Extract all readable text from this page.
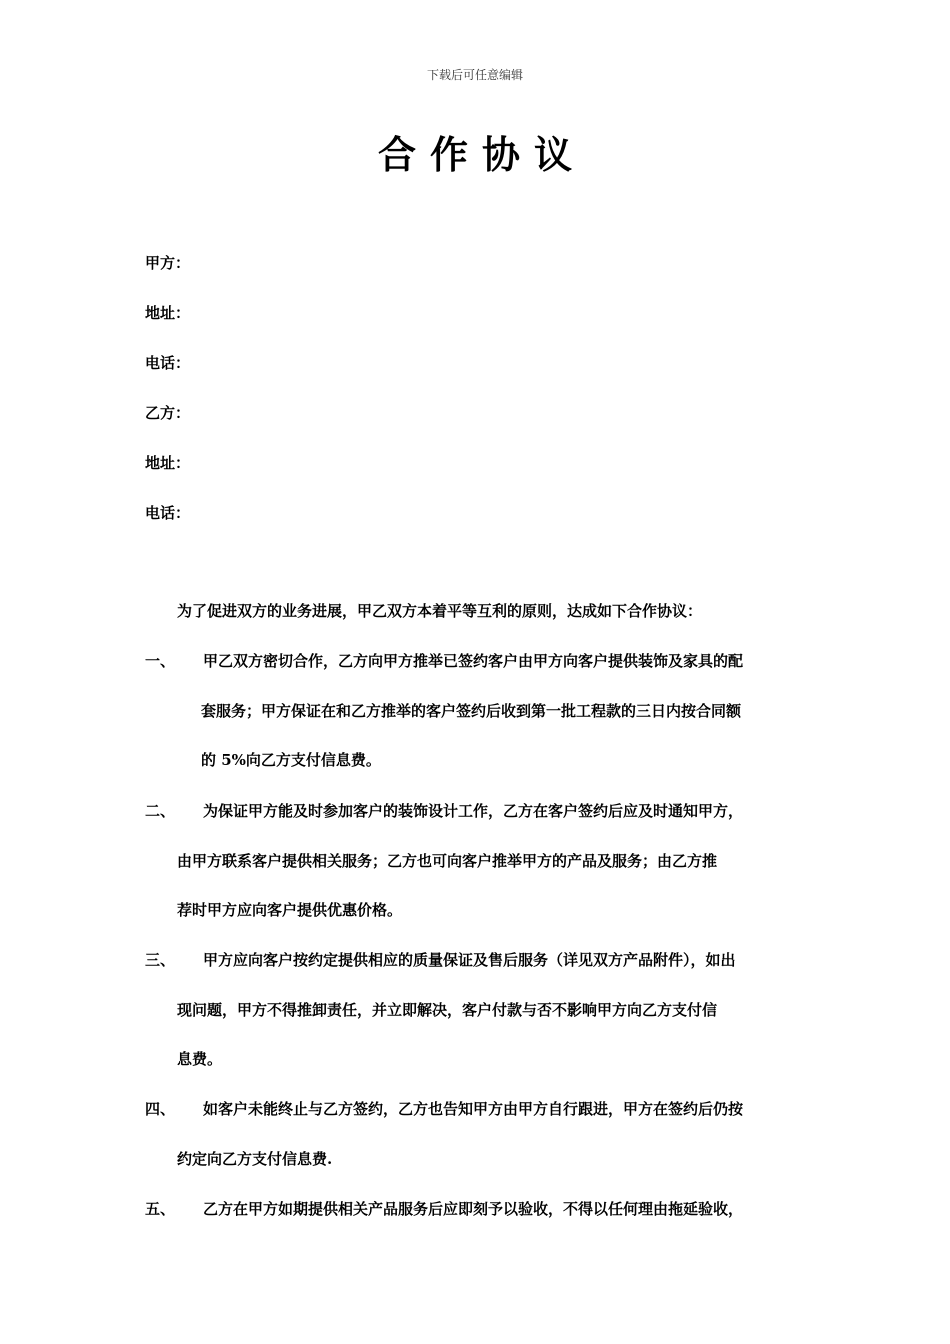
下载后可任意编辑
合作协议
甲方：
地址：
电话：
乙方：
地址：
电话：
为了促进双方的业务进展，甲乙双方本着平等互利的原则，达成如下合作协议：
一、 甲乙双方密切合作，乙方向甲方推举已签约客户由甲方向客户提供装饰及家具的配
套服务；甲方保证在和乙方推举的客户签约后收到第一批工程款的三日内按合同额
的 5%向乙方支付信息费。
二、 为保证甲方能及时参加客户的装饰设计工作，乙方在客户签约后应及时通知甲方，
由甲方联系客户提供相关服务；乙方也可向客户推举甲方的产品及服务；由乙方推
荐时甲方应向客户提供优惠价格。
三、 甲方应向客户按约定提供相应的质量保证及售后服务（详见双方产品附件），如出
现问题，甲方不得推卸责任，并立即解决，客户付款与否不影响甲方向乙方支付信
息费。
四、 如客户未能终止与乙方签约，乙方也告知甲方由甲方自行跟进，甲方在签约后仍按
约定向乙方支付信息费.
五、 乙方在甲方如期提供相关产品服务后应即刻予以验收，不得以任何理由拖延验收，
